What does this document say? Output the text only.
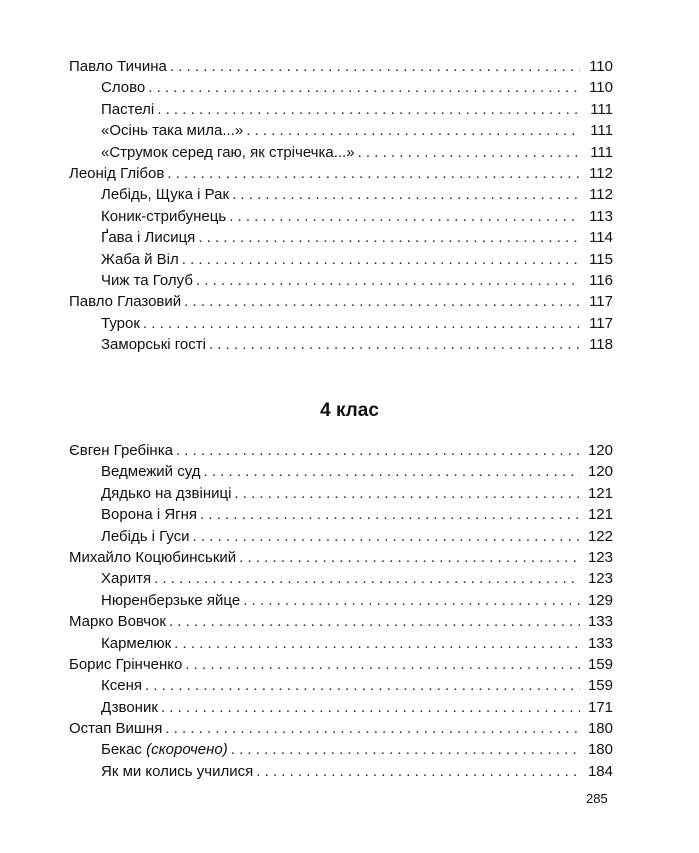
Павло Тичина . . .	110
Слово . . .	110
Пастелі . . .	111
«Осінь така мила...» . . .	111
«Струмок серед гаю, як стрічечка...» . . .	111
Леонід Глібов . . .	112
Лебідь, Щука і Рак . . .	112
Коник-стрибунець . . .	113
Ґава і Лисиця . . .	114
Жаба й Віл . . .	115
Чиж та Голуб . . .	116
Павло Глазовий . . .	117
Турок . . .	117
Заморські гості . . .	118
4 клас
Євген Гребінка . . .	120
Ведмежий суд . . .	120
Дядько на дзвіниці . . .	121
Ворона і Ягня . . .	121
Лебідь і Гуси . . .	122
Михайло Коцюбинський . . .	123
Харитя . . .	123
Нюренберзьке яйце . . .	129
Марко Вовчок . . .	133
Кармелюк . . .	133
Борис Грінченко . . .	159
Ксеня . . .	159
Дзвоник . . .	171
Остап Вишня . . .	180
Бекас (скорочено) . . .	180
Як ми колись училися . . .	184
285
